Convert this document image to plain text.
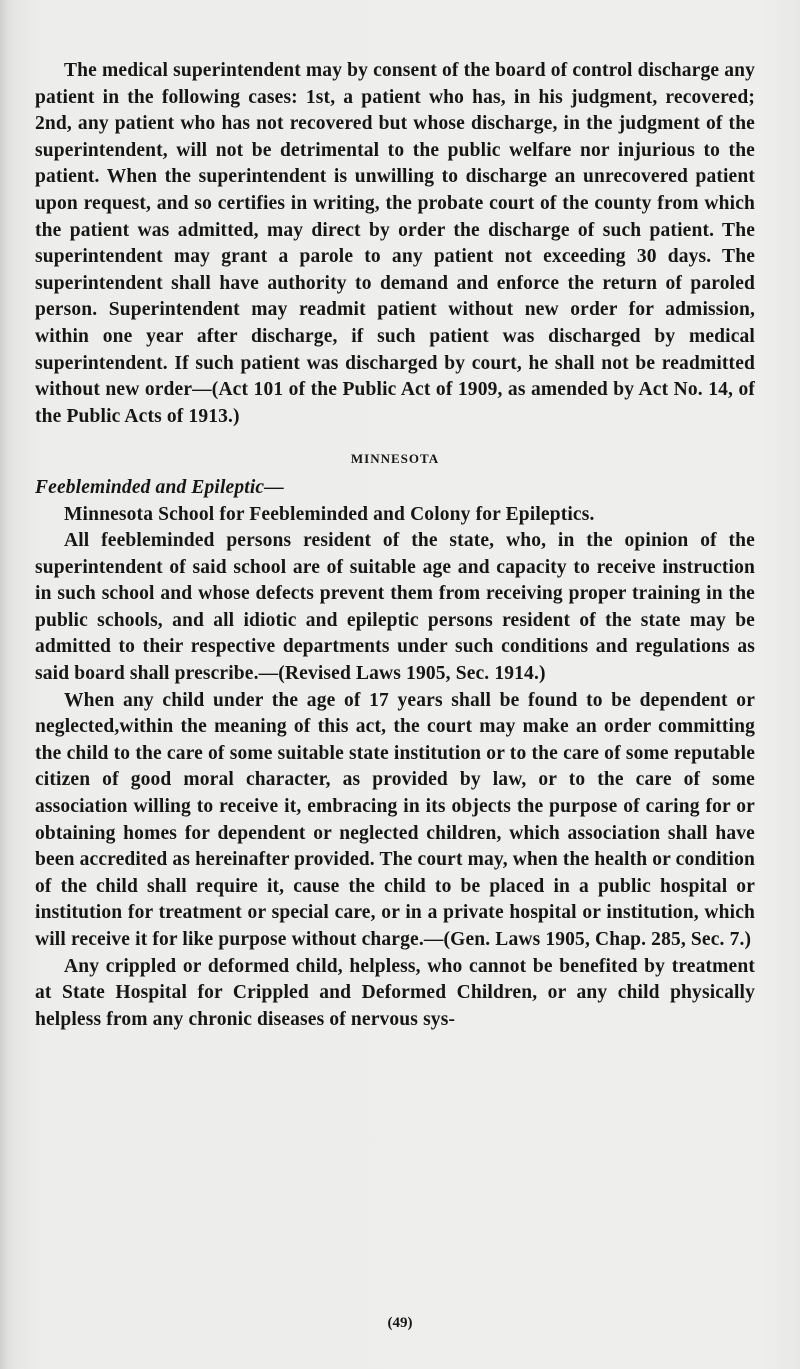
The medical superintendent may by consent of the board of control discharge any patient in the following cases: 1st, a patient who has, in his judgment, recovered; 2nd, any patient who has not recovered but whose discharge, in the judgment of the superintendent, will not be detrimental to the public welfare nor injurious to the patient. When the superintendent is unwilling to discharge an unrecovered patient upon request, and so certifies in writing, the probate court of the county from which the patient was admitted, may direct by order the discharge of such patient. The superintendent may grant a parole to any patient not exceeding 30 days. The superintendent shall have authority to demand and enforce the return of paroled person. Superintendent may readmit patient without new order for admission, within one year after discharge, if such patient was discharged by medical superintendent. If such patient was discharged by court, he shall not be readmitted without new order—(Act 101 of the Public Act of 1909, as amended by Act No. 14, of the Public Acts of 1913.)

MINNESOTA

Feebleminded and Epileptic—

Minnesota School for Feebleminded and Colony for Epileptics.

All feebleminded persons resident of the state, who, in the opinion of the superintendent of said school are of suitable age and capacity to receive instruction in such school and whose defects prevent them from receiving proper training in the public schools, and all idiotic and epileptic persons resident of the state may be admitted to their respective departments under such conditions and regulations as said board shall prescribe.—(Revised Laws 1905, Sec. 1914.)

When any child under the age of 17 years shall be found to be dependent or neglected,within the meaning of this act, the court may make an order committing the child to the care of some suitable state institution or to the care of some reputable citizen of good moral character, as provided by law, or to the care of some association willing to receive it, embracing in its objects the purpose of caring for or obtaining homes for dependent or neglected children, which association shall have been accredited as hereinafter provided. The court may, when the health or condition of the child shall require it, cause the child to be placed in a public hospital or institution for treatment or special care, or in a private hospital or institution, which will receive it for like purpose without charge.—(Gen. Laws 1905, Chap. 285, Sec. 7.)

Any crippled or deformed child, helpless, who cannot be benefited by treatment at State Hospital for Crippled and Deformed Children, or any child physically helpless from any chronic diseases of nervous sys-

(49)
